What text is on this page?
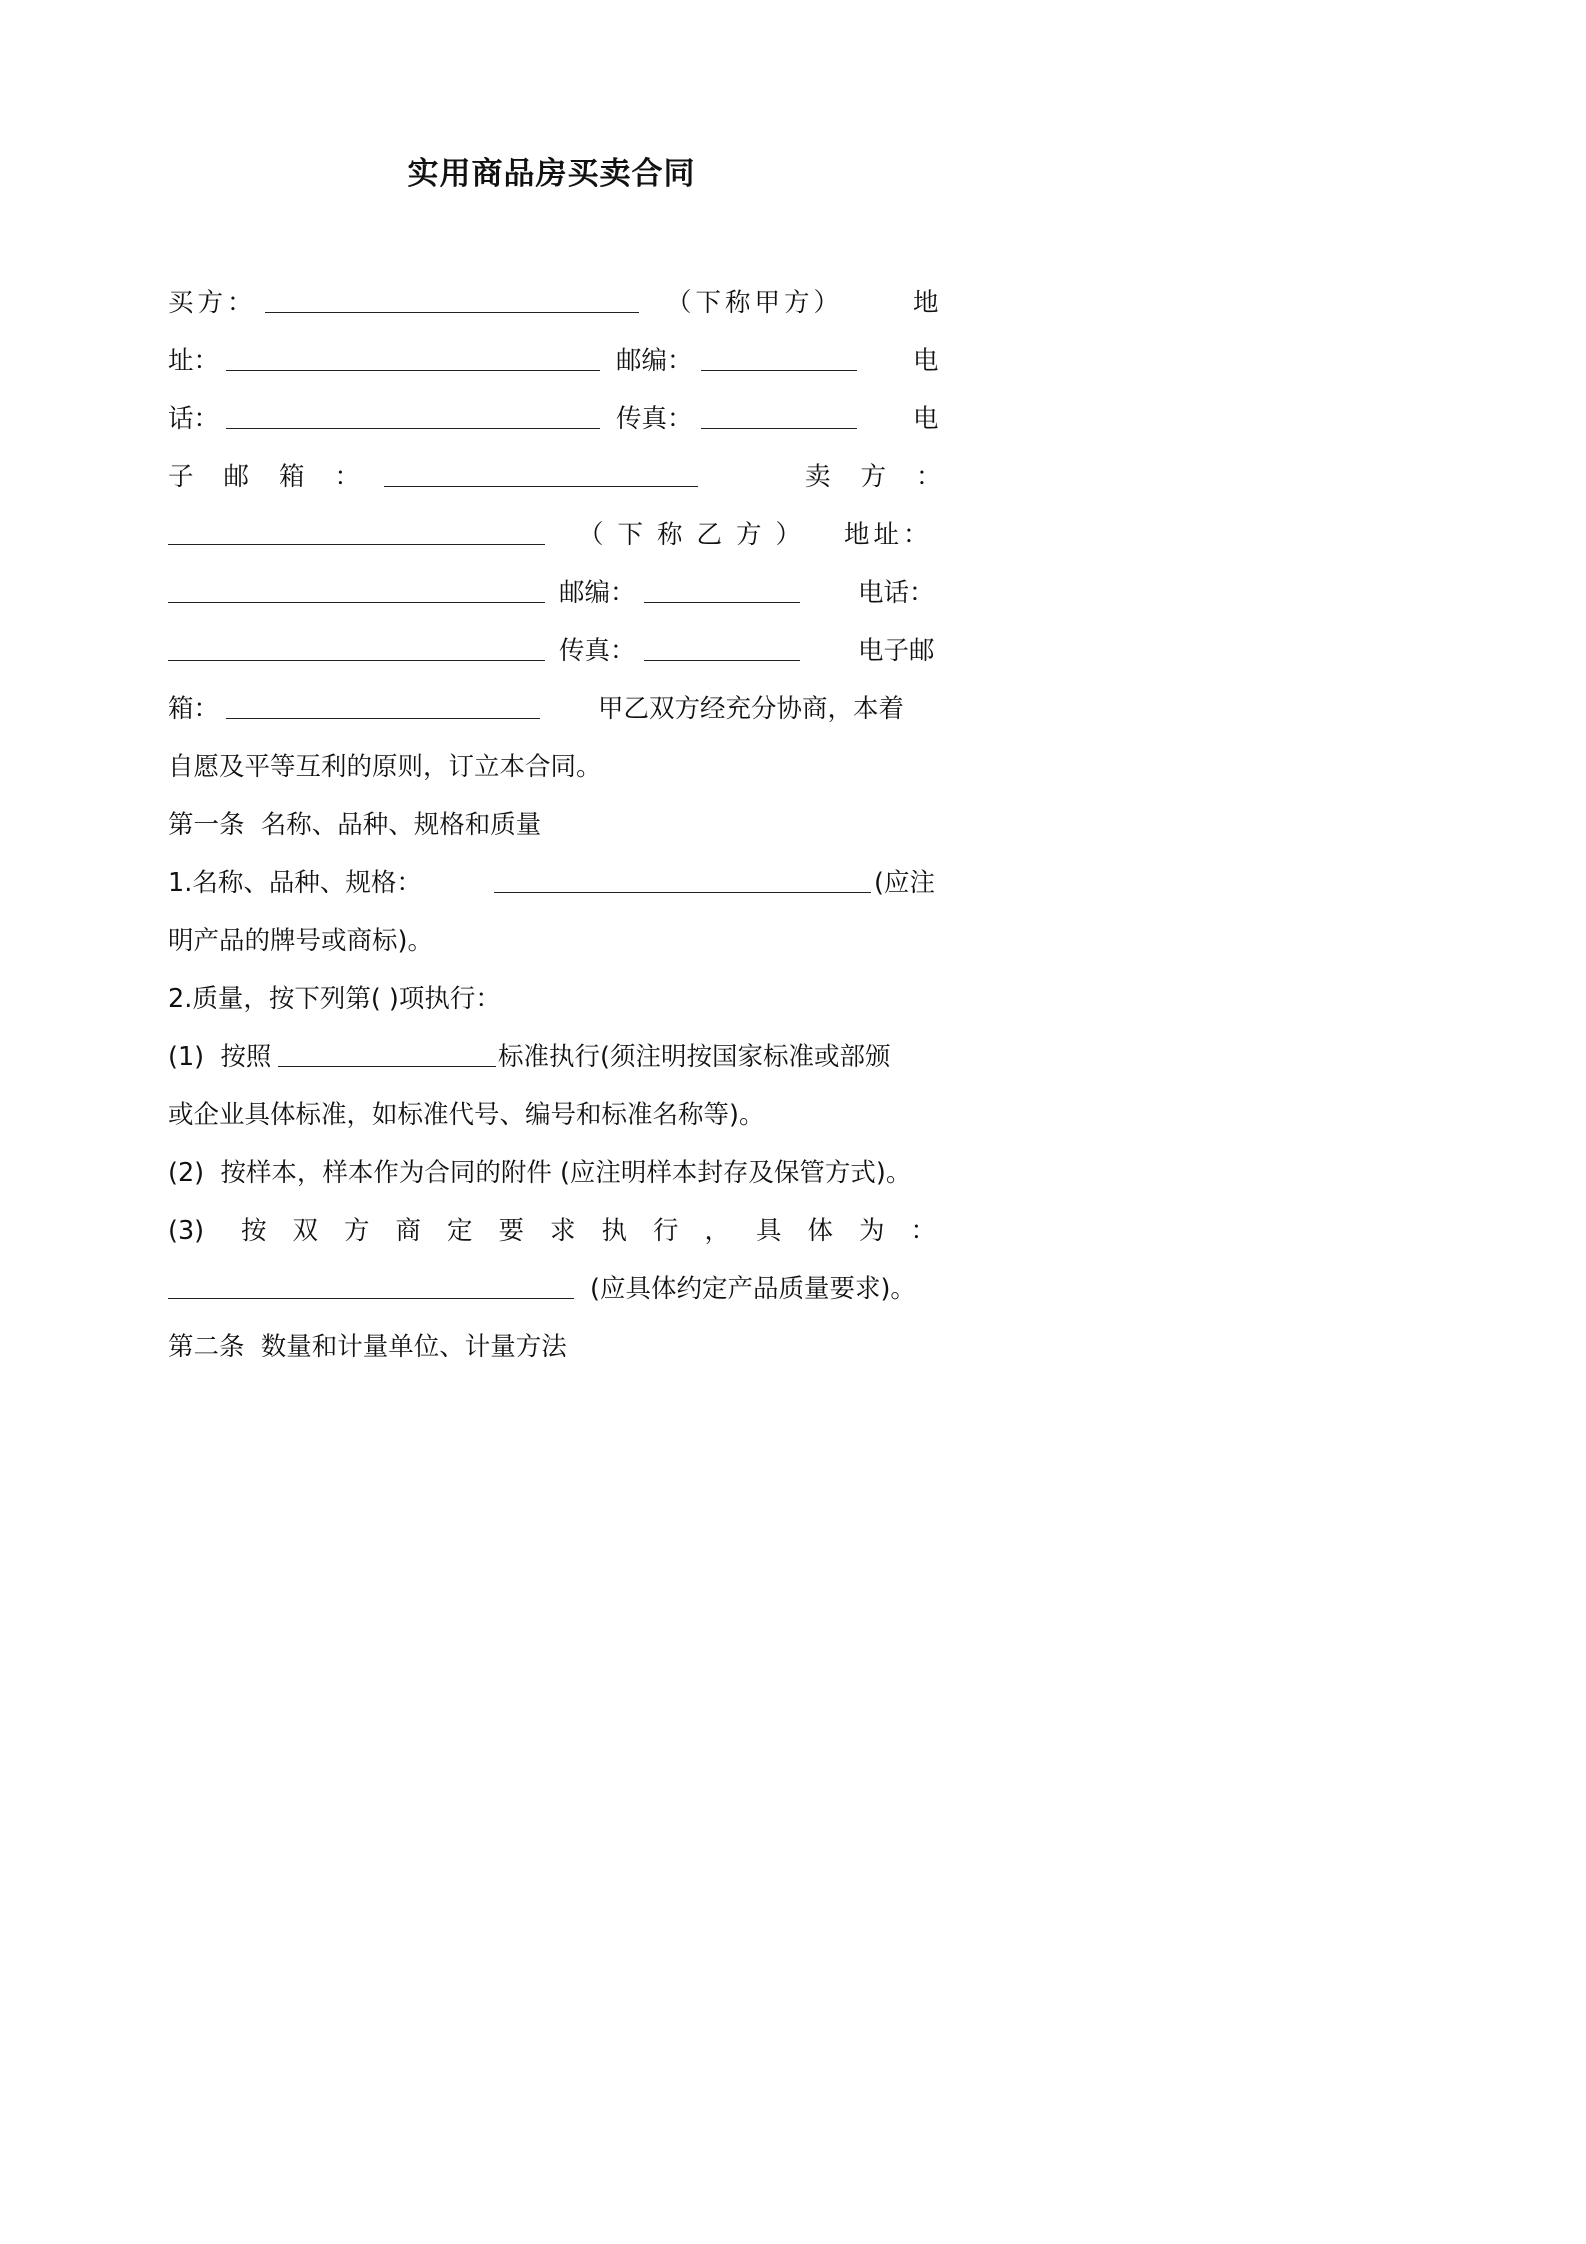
实用商品房买卖合同
买方：	（下称甲方）	地
址：	邮编：	电
话：	传真：	电
子邮箱：	卖方：
（下称乙方） 地址：
邮编：	电话：
传真：	电子邮
箱：	甲乙双方经充分协商，本着
自愿及平等互利的原则，订立本合同。
第一条  名称、品种、规格和质量
1.名称、品种、规格：	(应注
明产品的牌号或商标)。
2.质量，按下列第( )项执行：
(1)  按照	标准执行(须注明按国家标准或部颁
或企业具体标准，如标准代号、编号和标准名称等)。
(2)  按样本，样本作为合同的附件 (应注明样本封存及保管方式)。
(3) 按双方商定要求执行，具体为：
(应具体约定产品质量要求)。
第二条  数量和计量单位、计量方法
